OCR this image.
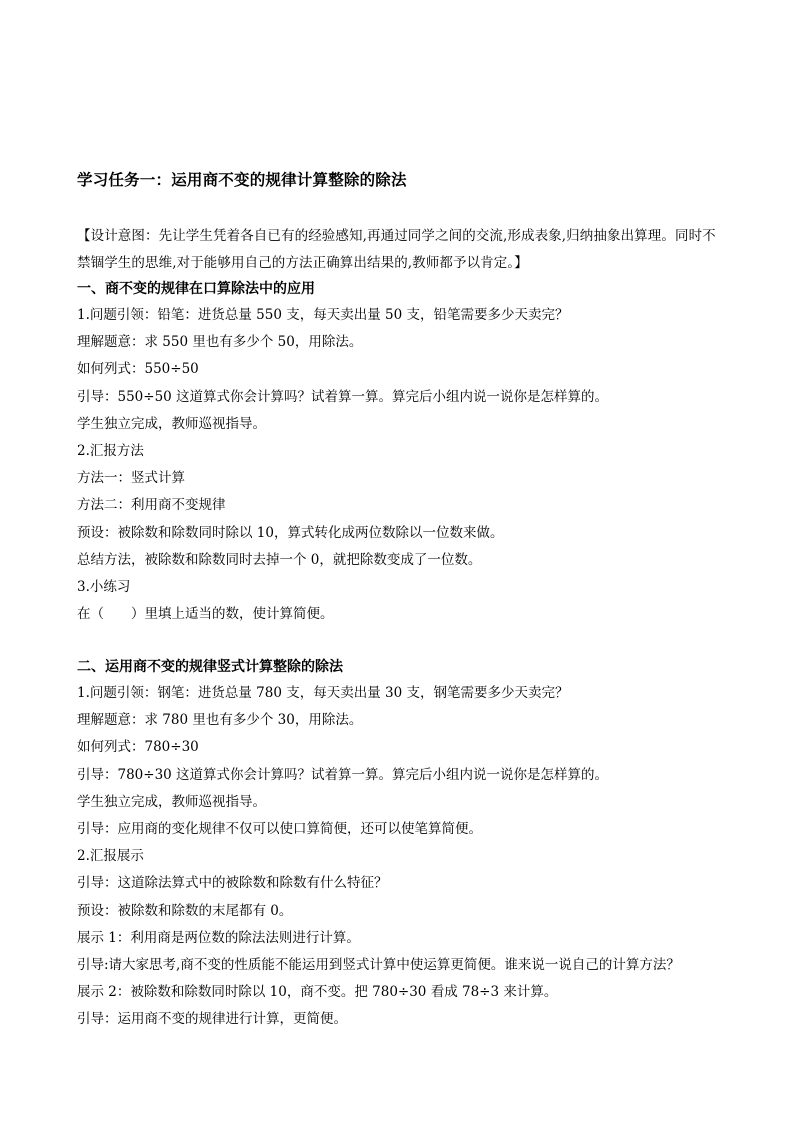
学习任务一：运用商不变的规律计算整除的除法
【设计意图：先让学生凭着各自已有的经验感知,再通过同学之间的交流,形成表象,归纳抽象出算理。同时不禁锢学生的思维,对于能够用自己的方法正确算出结果的,教师都予以肯定。】
一、商不变的规律在口算除法中的应用
1.问题引领：铅笔：进货总量 550 支，每天卖出量 50 支，铅笔需要多少天卖完？
理解题意：求 550 里也有多少个 50，用除法。
如何列式：550÷50
引导：550÷50 这道算式你会计算吗？试着算一算。算完后小组内说一说你是怎样算的。
学生独立完成，教师巡视指导。
2.汇报方法
方法一：竖式计算
方法二：利用商不变规律
预设：被除数和除数同时除以 10，算式转化成两位数除以一位数来做。
总结方法，被除数和除数同时去掉一个 0，就把除数变成了一位数。
3.小练习
在（　　）里填上适当的数，使计算简便。
二、运用商不变的规律竖式计算整除的除法
1.问题引领：钢笔：进货总量 780 支，每天卖出量 30 支，钢笔需要多少天卖完？
理解题意：求 780 里也有多少个 30，用除法。
如何列式：780÷30
引导：780÷30 这道算式你会计算吗？试着算一算。算完后小组内说一说你是怎样算的。
学生独立完成，教师巡视指导。
引导：应用商的变化规律不仅可以使口算简便，还可以使笔算简便。
2.汇报展示
引导：这道除法算式中的被除数和除数有什么特征？
预设：被除数和除数的末尾都有 0。
展示 1：利用商是两位数的除法法则进行计算。
引导:请大家思考,商不变的性质能不能运用到竖式计算中使运算更简便。谁来说一说自己的计算方法？
展示 2：被除数和除数同时除以 10，商不变。把 780÷30 看成 78÷3 来计算。
引导：运用商不变的规律进行计算，更简便。
